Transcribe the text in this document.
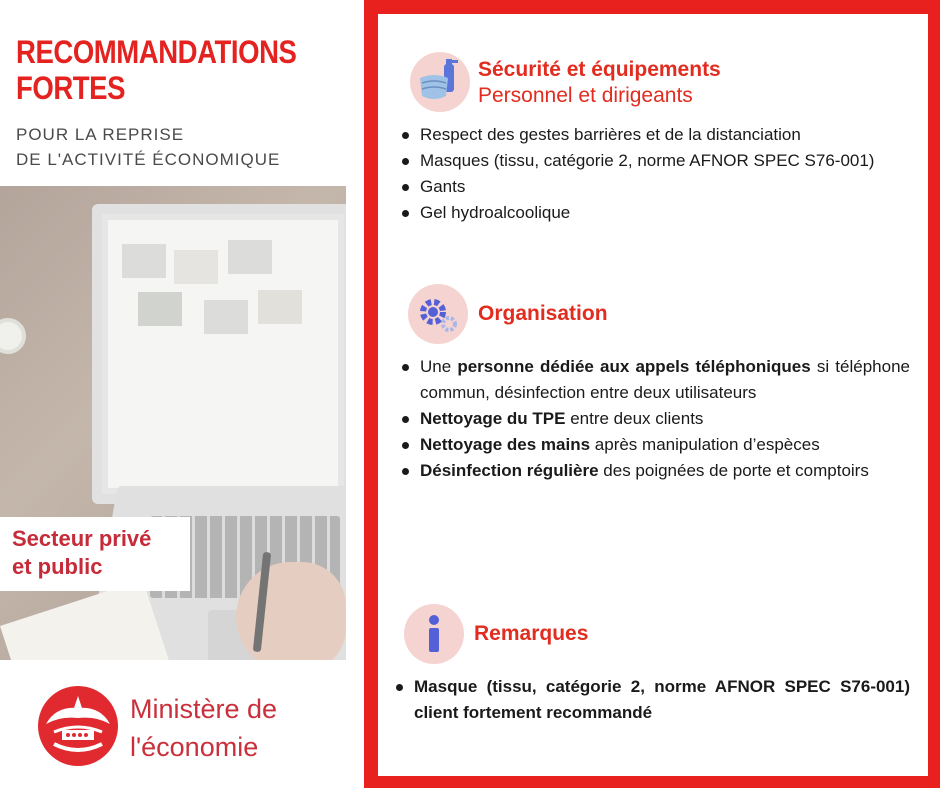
RECOMMANDATIONS
FORTES
POUR LA REPRISE
DE L'ACTIVITÉ ÉCONOMIQUE
Secteur privé
et public
Ministère de
l'économie
Sécurité et équipements
Personnel et dirigeants
Respect des gestes barrières et de la distanciation
Masques (tissu, catégorie 2, norme AFNOR SPEC S76-001)
Gants
Gel hydroalcoolique
Organisation
Une personne dédiée aux appels téléphoniques si téléphone commun, désinfection entre deux utilisateurs
Nettoyage du TPE entre deux clients
Nettoyage des mains après manipulation d’espèces
Désinfection régulière des poignées de porte et comptoirs
Remarques
Masque (tissu, catégorie 2, norme AFNOR SPEC S76-001) client fortement recommandé
